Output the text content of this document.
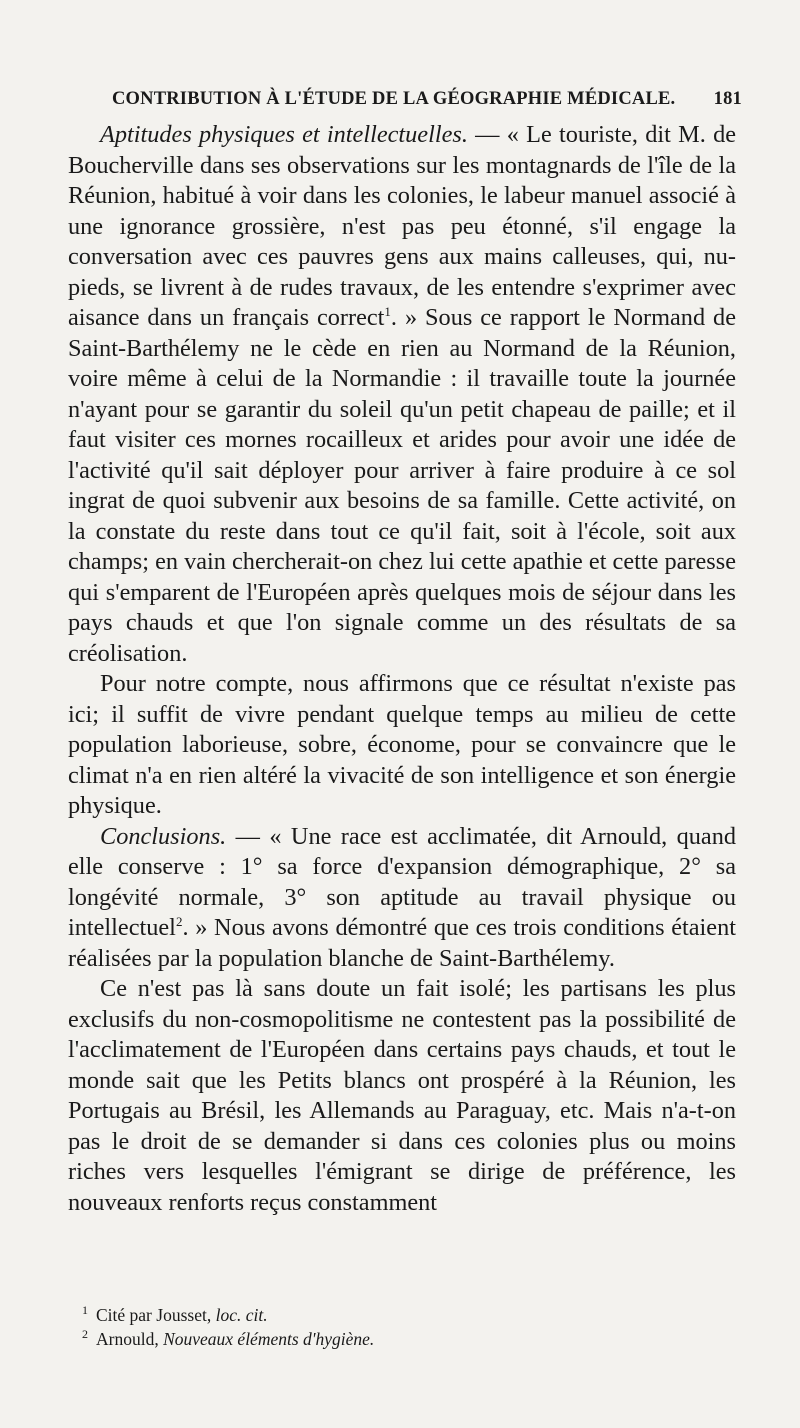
CONTRIBUTION À L'ÉTUDE DE LA GÉOGRAPHIE MÉDICALE. 181

Aptitudes physiques et intellectuelles. — « Le touriste, dit M. de Boucherville dans ses observations sur les montagnards de l'île de la Réunion, habitué à voir dans les colonies, le labeur manuel associé à une ignorance grossière, n'est pas peu étonné, s'il engage la conversation avec ces pauvres gens aux mains calleuses, qui, nu-pieds, se livrent à de rudes travaux, de les entendre s'exprimer avec aisance dans un français correct$^1$. » Sous ce rapport le Normand de Saint-Barthélemy ne le cède en rien au Normand de la Réunion, voire même à celui de la Normandie : il travaille toute la journée n'ayant pour se garantir du soleil qu'un petit chapeau de paille; et il faut visiter ces mornes rocailleux et arides pour avoir une idée de l'activité qu'il sait déployer pour arriver à faire produire à ce sol ingrat de quoi subvenir aux besoins de sa famille. Cette activité, on la constate du reste dans tout ce qu'il fait, soit à l'école, soit aux champs; en vain chercherait-on chez lui cette apathie et cette paresse qui s'emparent de l'Européen après quelques mois de séjour dans les pays chauds et que l'on signale comme un des résultats de sa créolisation.

Pour notre compte, nous affirmons que ce résultat n'existe pas ici; il suffit de vivre pendant quelque temps au milieu de cette population laborieuse, sobre, économe, pour se convaincre que le climat n'a en rien altéré la vivacité de son intelligence et son énergie physique.

Conclusions. — « Une race est acclimatée, dit Arnould, quand elle conserve : 1° sa force d'expansion démographique, 2° sa longévité normale, 3° son aptitude au travail physique ou intellectuel$^2$. » Nous avons démontré que ces trois conditions étaient réalisées par la population blanche de Saint-Barthélemy.

Ce n'est pas là sans doute un fait isolé; les partisans les plus exclusifs du non-cosmopolitisme ne contestent pas la possibilité de l'acclimatement de l'Européen dans certains pays chauds, et tout le monde sait que les Petits blancs ont prospéré à la Réunion, les Portugais au Brésil, les Allemands au Paraguay, etc. Mais n'a-t-on pas le droit de se demander si dans ces colonies plus ou moins riches vers lesquelles l'émigrant se dirige de préférence, les nouveaux renforts reçus constamment

$^1$ Cité par Jousset, loc. cit.

$^2$ Arnould, Nouveaux éléments d'hygiène.
